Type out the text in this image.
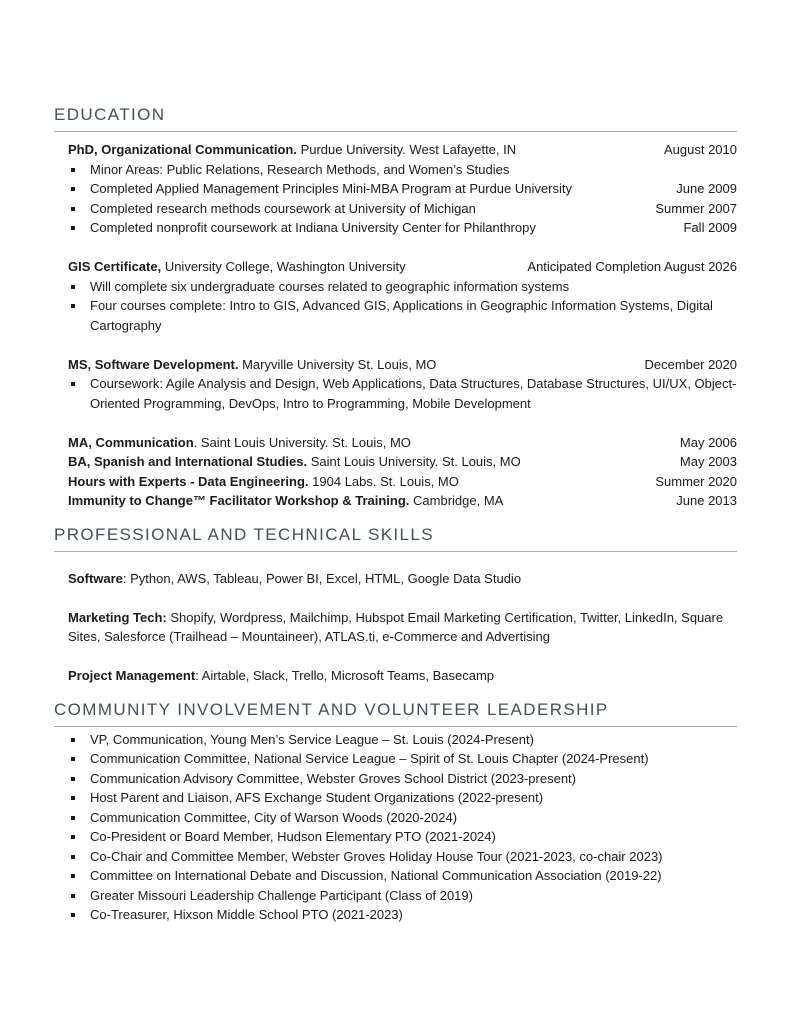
EDUCATION
PhD, Organizational Communication. Purdue University. West Lafayette, IN	August 2010
Minor Areas: Public Relations, Research Methods, and Women’s Studies
Completed Applied Management Principles Mini-MBA Program at Purdue University	June 2009
Completed research methods coursework at University of Michigan	Summer 2007
Completed nonprofit coursework at Indiana University Center for Philanthropy	Fall 2009
GIS Certificate, University College, Washington University	Anticipated Completion August 2026
Will complete six undergraduate courses related to geographic information systems
Four courses complete: Intro to GIS, Advanced GIS, Applications in Geographic Information Systems, Digital Cartography
MS, Software Development. Maryville University St. Louis, MO	December 2020
Coursework: Agile Analysis and Design, Web Applications, Data Structures, Database Structures, UI/UX, Object-Oriented Programming, DevOps, Intro to Programming, Mobile Development
MA, Communication. Saint Louis University. St. Louis, MO	May 2006
BA, Spanish and International Studies. Saint Louis University. St. Louis, MO	May 2003
Hours with Experts - Data Engineering. 1904 Labs. St. Louis, MO	Summer 2020
Immunity to Change™ Facilitator Workshop & Training. Cambridge, MA	June 2013
PROFESSIONAL AND TECHNICAL SKILLS
Software: Python, AWS, Tableau, Power BI, Excel, HTML, Google Data Studio
Marketing Tech: Shopify, Wordpress, Mailchimp, Hubspot Email Marketing Certification, Twitter, LinkedIn, Square Sites, Salesforce (Trailhead – Mountaineer), ATLAS.ti, e-Commerce and Advertising
Project Management: Airtable, Slack, Trello, Microsoft Teams, Basecamp
COMMUNITY INVOLVEMENT AND VOLUNTEER LEADERSHIP
VP, Communication, Young Men’s Service League – St. Louis (2024-Present)
Communication Committee, National Service League – Spirit of St. Louis Chapter (2024-Present)
Communication Advisory Committee, Webster Groves School District (2023-present)
Host Parent and Liaison, AFS Exchange Student Organizations (2022-present)
Communication Committee, City of Warson Woods (2020-2024)
Co-President or Board Member, Hudson Elementary PTO (2021-2024)
Co-Chair and Committee Member, Webster Groves Holiday House Tour (2021-2023, co-chair 2023)
Committee on International Debate and Discussion, National Communication Association (2019-22)
Greater Missouri Leadership Challenge Participant (Class of 2019)
Co-Treasurer, Hixson Middle School PTO (2021-2023)
